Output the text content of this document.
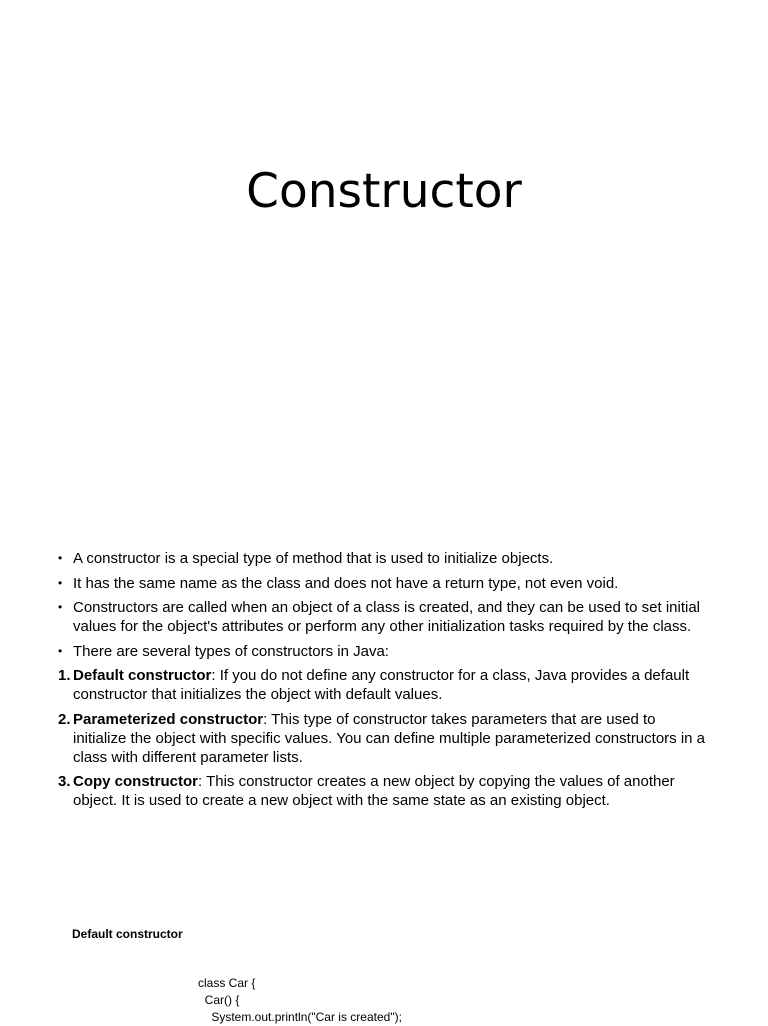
Constructor
• A constructor is a special type of method that is used to initialize objects.
• It has the same name as the class and does not have a return type, not even void.
• Constructors are called when an object of a class is created, and they can be used to set initial values for the object's attributes or perform any other initialization tasks required by the class.
• There are several types of constructors in Java:
1. Default constructor: If you do not define any constructor for a class, Java provides a default constructor that initializes the object with default values.
2. Parameterized constructor: This type of constructor takes parameters that are used to initialize the object with specific values. You can define multiple parameterized constructors in a class with different parameter lists.
3. Copy constructor: This constructor creates a new object by copying the values of another object. It is used to create a new object with the same state as an existing object.
Default constructor
class Car {
Car() {
System.out.println("Car is created");
